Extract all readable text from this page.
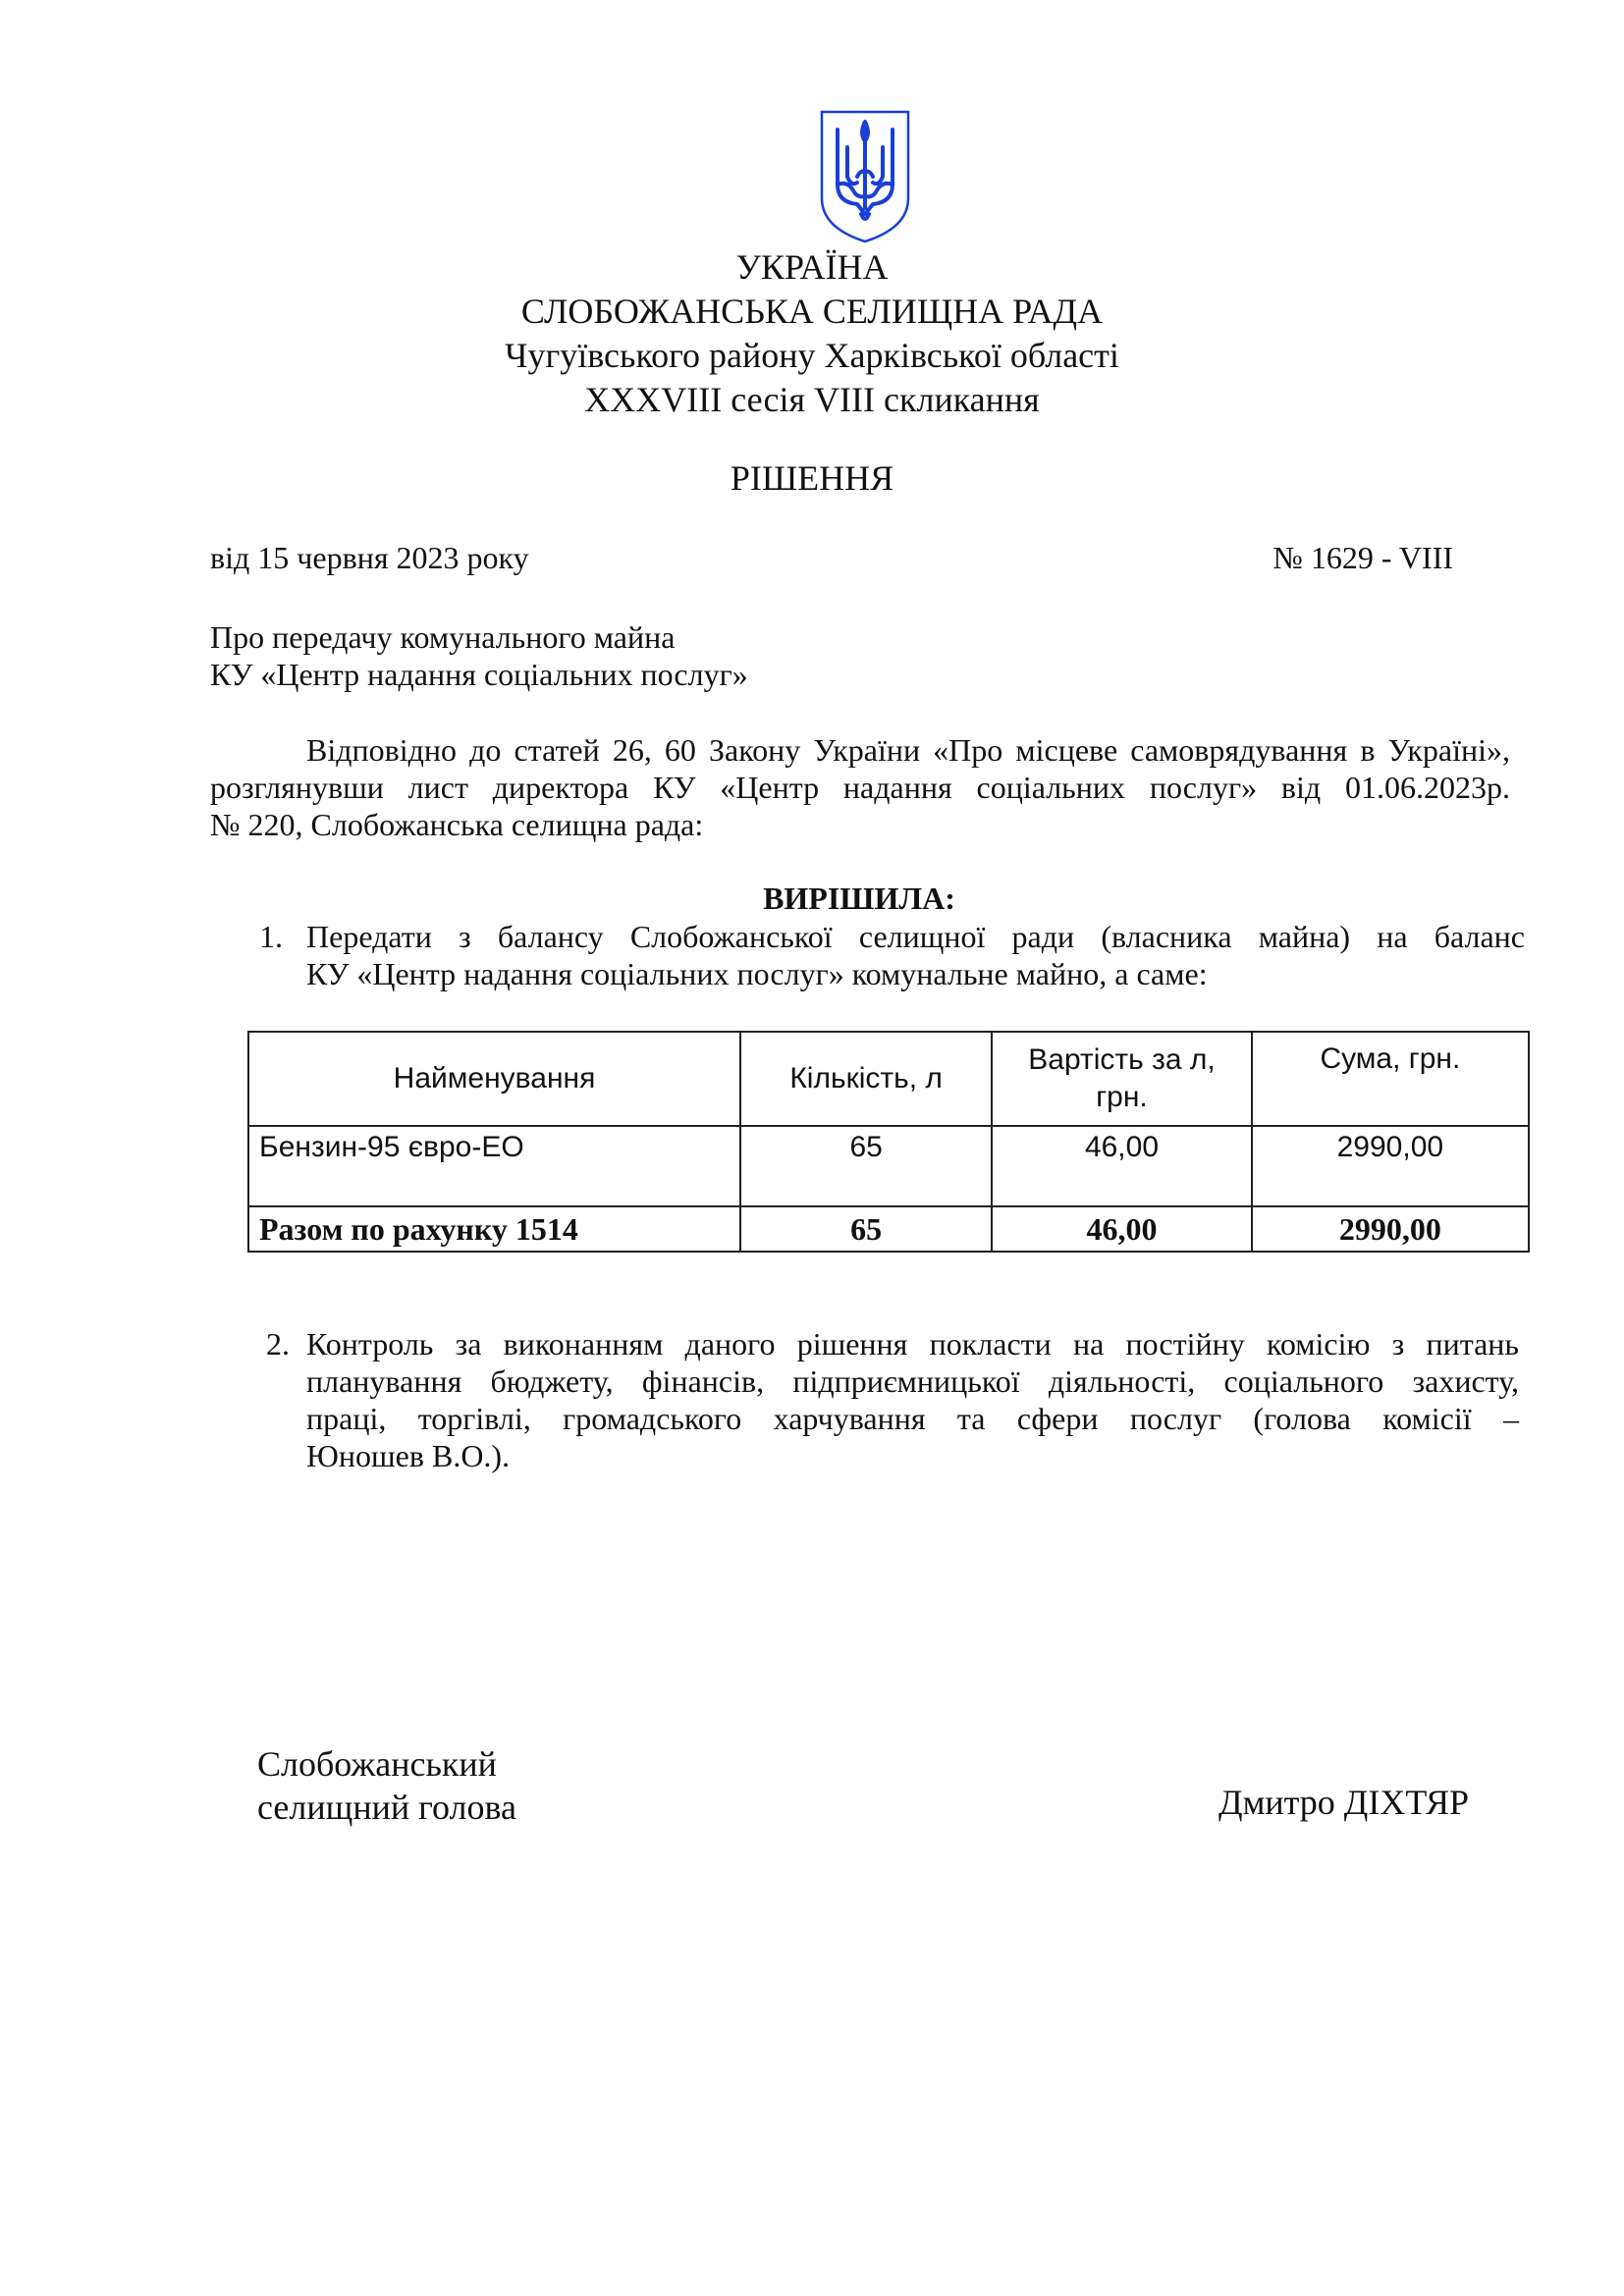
УКРАЇНА
СЛОБОЖАНСЬКА СЕЛИЩНА РАДА
Чугуївського району Харківської області
XXXVIII сесія VIII скликання
РІШЕННЯ
від 15 червня 2023 року	№ 1629 - VIII
Про передачу комунального майна
КУ «Центр надання соціальних послуг»
Відповідно до статей 26, 60 Закону України «Про місцеве самоврядування в Україні»,
розглянувши лист директора КУ «Центр надання соціальних послуг» від 01.06.2023р.
№ 220, Слобожанська селищна рада:
ВИРІШИЛА:
1. Передати з балансу Слобожанської селищної ради (власника майна) на баланс
КУ «Центр надання соціальних послуг» комунальне майно, а саме:
Найменування	Кількість, л	Вартість за л, грн.	Сума, грн.
Бензин-95 євро-ЕО	65	46,00	2990,00
Разом по рахунку 1514	65	46,00	2990,00
2. Контроль за виконанням даного рішення покласти на постійну комісію з питань
планування бюджету, фінансів, підприємницької діяльності, соціального захисту,
праці, торгівлі, громадського харчування та сфери послуг (голова комісії –
Юношев В.О.).
Слобожанський
селищний голова	Дмитро ДІХТЯР
